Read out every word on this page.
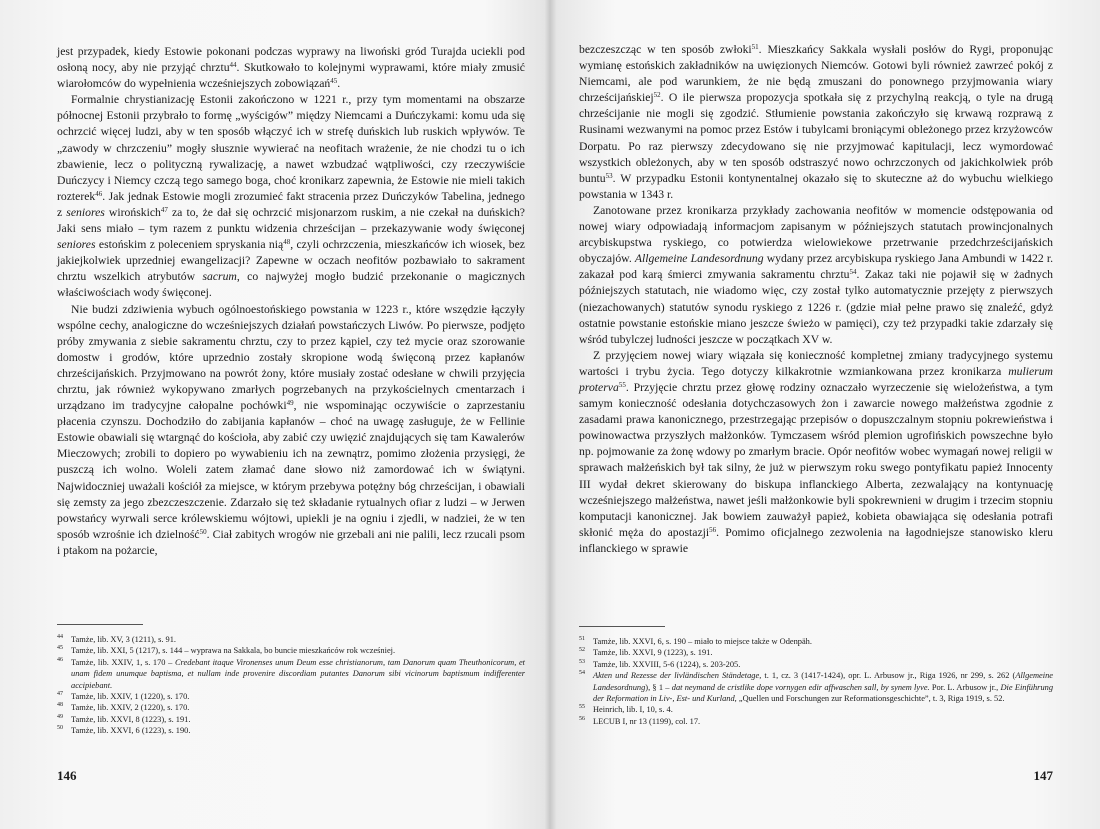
jest przypadek, kiedy Estowie pokonani podczas wyprawy na liwoński gród Turajda uciekli pod osłoną nocy, aby nie przyjąć chrztu$^{44}$. Skutkowało to kolejnymi wyprawami, które miały zmusić wiarołomców do wypełnienia wcześniejszych zobowiązań$^{45}$.

Formalnie chrystianizację Estonii zakończono w 1221 r., przy tym momentami na obszarze północnej Estonii przybrało to formę „wyścigów” między Niemcami a Duńczykami: komu uda się ochrzcić więcej ludzi, aby w ten sposób włączyć ich w strefę duńskich lub ruskich wpływów. Te „zawody w chrzczeniu” mogły słusznie wywierać na neofitach wrażenie, że nie chodzi tu o ich zbawienie, lecz o polityczną rywalizację, a nawet wzbudzać wątpliwości, czy rzeczywiście Duńczycy i Niemcy czczą tego samego boga, choć kronikarz zapewnia, że Estowie nie mieli takich rozterek$^{46}$. Jak jednak Estowie mogli zrozumieć fakt stracenia przez Duńczyków Tabelina, jednego z seniores wirońskich$^{47}$ za to, że dał się ochrzcić misjonarzom ruskim, a nie czekał na duńskich? Jaki sens miało – tym razem z punktu widzenia chrześcijan – przekazywanie wody święconej seniores estońskim z poleceniem spryskania nią$^{48}$, czyli ochrzczenia, mieszkańców ich wiosek, bez jakiejkolwiek uprzedniej ewangelizacji? Zapewne w oczach neofitów pozbawiało to sakrament chrztu wszelkich atrybutów sacrum, co najwyżej mogło budzić przekonanie o magicznych właściwościach wody święconej.

Nie budzi zdziwienia wybuch ogólnoestońskiego powstania w 1223 r., które wszędzie łączyły wspólne cechy, analogiczne do wcześniejszych działań powstańczych Liwów. Po pierwsze, podjęto próby zmywania z siebie sakramentu chrztu, czy to przez kąpiel, czy też mycie oraz szorowanie domostw i grodów, które uprzednio zostały skropione wodą święconą przez kapłanów chrześcijańskich. Przyjmowano na powrót żony, które musiały zostać odesłane w chwili przyjęcia chrztu, jak również wykopywano zmarłych pogrzebanych na przykościelnych cmentarzach i urządzano im tradycyjne całopalne pochówki$^{49}$, nie wspominając oczywiście o zaprzestaniu płacenia czynszu. Dochodziło do zabijania kapłanów – choć na uwagę zasługuje, że w Fellinie Estowie obawiali się wtargnąć do kościoła, aby zabić czy uwięzić znajdujących się tam Kawalerów Mieczowych; zrobili to dopiero po wywabieniu ich na zewnątrz, pomimo złożenia przysięgi, że puszczą ich wolno. Woleli zatem złamać dane słowo niż zamordować ich w świątyni. Najwidoczniej uważali kościół za miejsce, w którym przebywa potężny bóg chrześcijan, i obawiali się zemsty za jego zbezczeszczenie. Zdarzało się też składanie rytualnych ofiar z ludzi – w Jerwen powstańcy wyrwali serce królewskiemu wójtowi, upiekli je na ogniu i zjedli, w nadziei, że w ten sposób wzrośnie ich dzielność$^{50}$. Ciał zabitych wrogów nie grzebali ani nie palili, lecz rzucali psom i ptakom na pożarcie,

44 Tamże, lib. XV, 3 (1211), s. 91.
45 Tamże, lib. XXI, 5 (1217), s. 144 – wyprawa na Sakkala, bo buncie mieszkańców rok wcześniej.
46 Tamże, lib. XXIV, 1, s. 170 – Credebant itaque Vironenses unum Deum esse christianorum, tam Danorum quam Theuthonicorum, et unam fidem unumque baptisma, et nullam inde provenire discordiam putantes Danorum sibi vicinorum baptismum indifferenter accipiebant.
47 Tamże, lib. XXIV, 1 (1220), s. 170.
48 Tamże, lib. XXIV, 2 (1220), s. 170.
49 Tamże, lib. XXVI, 8 (1223), s. 191.
50 Tamże, lib. XXVI, 6 (1223), s. 190.
146

bezczeszcząc w ten sposób zwłoki$^{51}$. Mieszkańcy Sakkala wysłali posłów do Rygi, proponując wymianę estońskich zakładników na uwięzionych Niemców. Gotowi byli również zawrzeć pokój z Niemcami, ale pod warunkiem, że nie będą zmuszani do ponownego przyjmowania wiary chrześcijańskiej$^{52}$. O ile pierwsza propozycja spotkała się z przychylną reakcją, o tyle na drugą chrześcijanie nie mogli się zgodzić. Stłumienie powstania zakończyło się krwawą rozprawą z Rusinami wezwanymi na pomoc przez Estów i tubylcami broniącymi obleżonego przez krzyżowców Dorpatu. Po raz pierwszy zdecydowano się nie przyjmować kapitulacji, lecz wymordować wszystkich obleżonych, aby w ten sposób odstraszyć nowo ochrzczonych od jakichkolwiek prób buntu$^{53}$. W przypadku Estonii kontynentalnej okazało się to skuteczne aż do wybuchu wielkiego powstania w 1343 r.

Zanotowane przez kronikarza przykłady zachowania neofitów w momencie odstępowania od nowej wiary odpowiadają informacjom zapisanym w późniejszych statutach prowincjonalnych arcybiskupstwa ryskiego, co potwierdza wielowiekowe przetrwanie przedchrześcijańskich obyczajów. Allgemeine Landesordnung wydany przez arcybiskupa ryskiego Jana Ambundi w 1422 r. zakazał pod karą śmierci zmywania sakramentu chrztu$^{54}$. Zakaz taki nie pojawił się w żadnych późniejszych statutach, nie wiadomo więc, czy został tylko automatycznie przejęty z pierwszych (niezachowanych) statutów synodu ryskiego z 1226 r. (gdzie miał pełne prawo się znaleźć, gdyż ostatnie powstanie estońskie miano jeszcze świeżo w pamięci), czy też przypadki takie zdarzały się wśród tubylczej ludności jeszcze w początkach XV w.

Z przyjęciem nowej wiary wiązała się konieczność kompletnej zmiany tradycyjnego systemu wartości i trybu życia. Tego dotyczy kilkakrotnie wzmiankowana przez kronikarza mulierum proterva$^{55}$. Przyjęcie chrztu przez głowę rodziny oznaczało wyrzeczenie się wielożeństwa, a tym samym konieczność odesłania dotychczasowych żon i zawarcie nowego małżeństwa zgodnie z zasadami prawa kanonicznego, przestrzegając przepisów o dopuszczalnym stopniu pokrewieństwa i powinowactwa przyszłych małżonków. Tymczasem wśród plemion ugrofińskich powszechne było np. pojmowanie za żonę wdowy po zmarłym bracie. Opór neofitów wobec wymagań nowej religii w sprawach małżeńskich był tak silny, że już w pierwszym roku swego pontyfikatu papież Innocenty III wydał dekret skierowany do biskupa inflanckiego Alberta, zezwalający na kontynuację wcześniejszego małżeństwa, nawet jeśli małżonkowie byli spokrewnieni w drugim i trzecim stopniu komputacji kanonicznej. Jak bowiem zauważył papież, kobieta obawiająca się odesłania potrafi skłonić męża do apostazji$^{56}$. Pomimo oficjalnego zezwolenia na łagodniejsze stanowisko kleru inflanckiego w sprawie

51 Tamże, lib. XXVI, 6, s. 190 – miało to miejsce także w Odenpäh.
52 Tamże, lib. XXVI, 9 (1223), s. 191.
53 Tamże, lib. XXVIII, 5-6 (1224), s. 203-205.
54 Akten und Rezesse der livländischen Ständetage, t. 1, cz. 3 (1417-1424), opr. L. Arbusow jr., Riga 1926, nr 299, s. 262 (Allgemeine Landesordnung), § 1 – dat neymand de cristlike dope vornygen edir affwaschen sall, by synem lyve. Por. L. Arbusow jr., Die Einführung der Reformation in Liv-, Est- und Kurland, „Quellen und Forschungen zur Reformationsgeschichte”, t. 3, Riga 1919, s. 52.
55 Heinrich, lib. I, 10, s. 4.
56 LECUB I, nr 13 (1199), col. 17.
147
